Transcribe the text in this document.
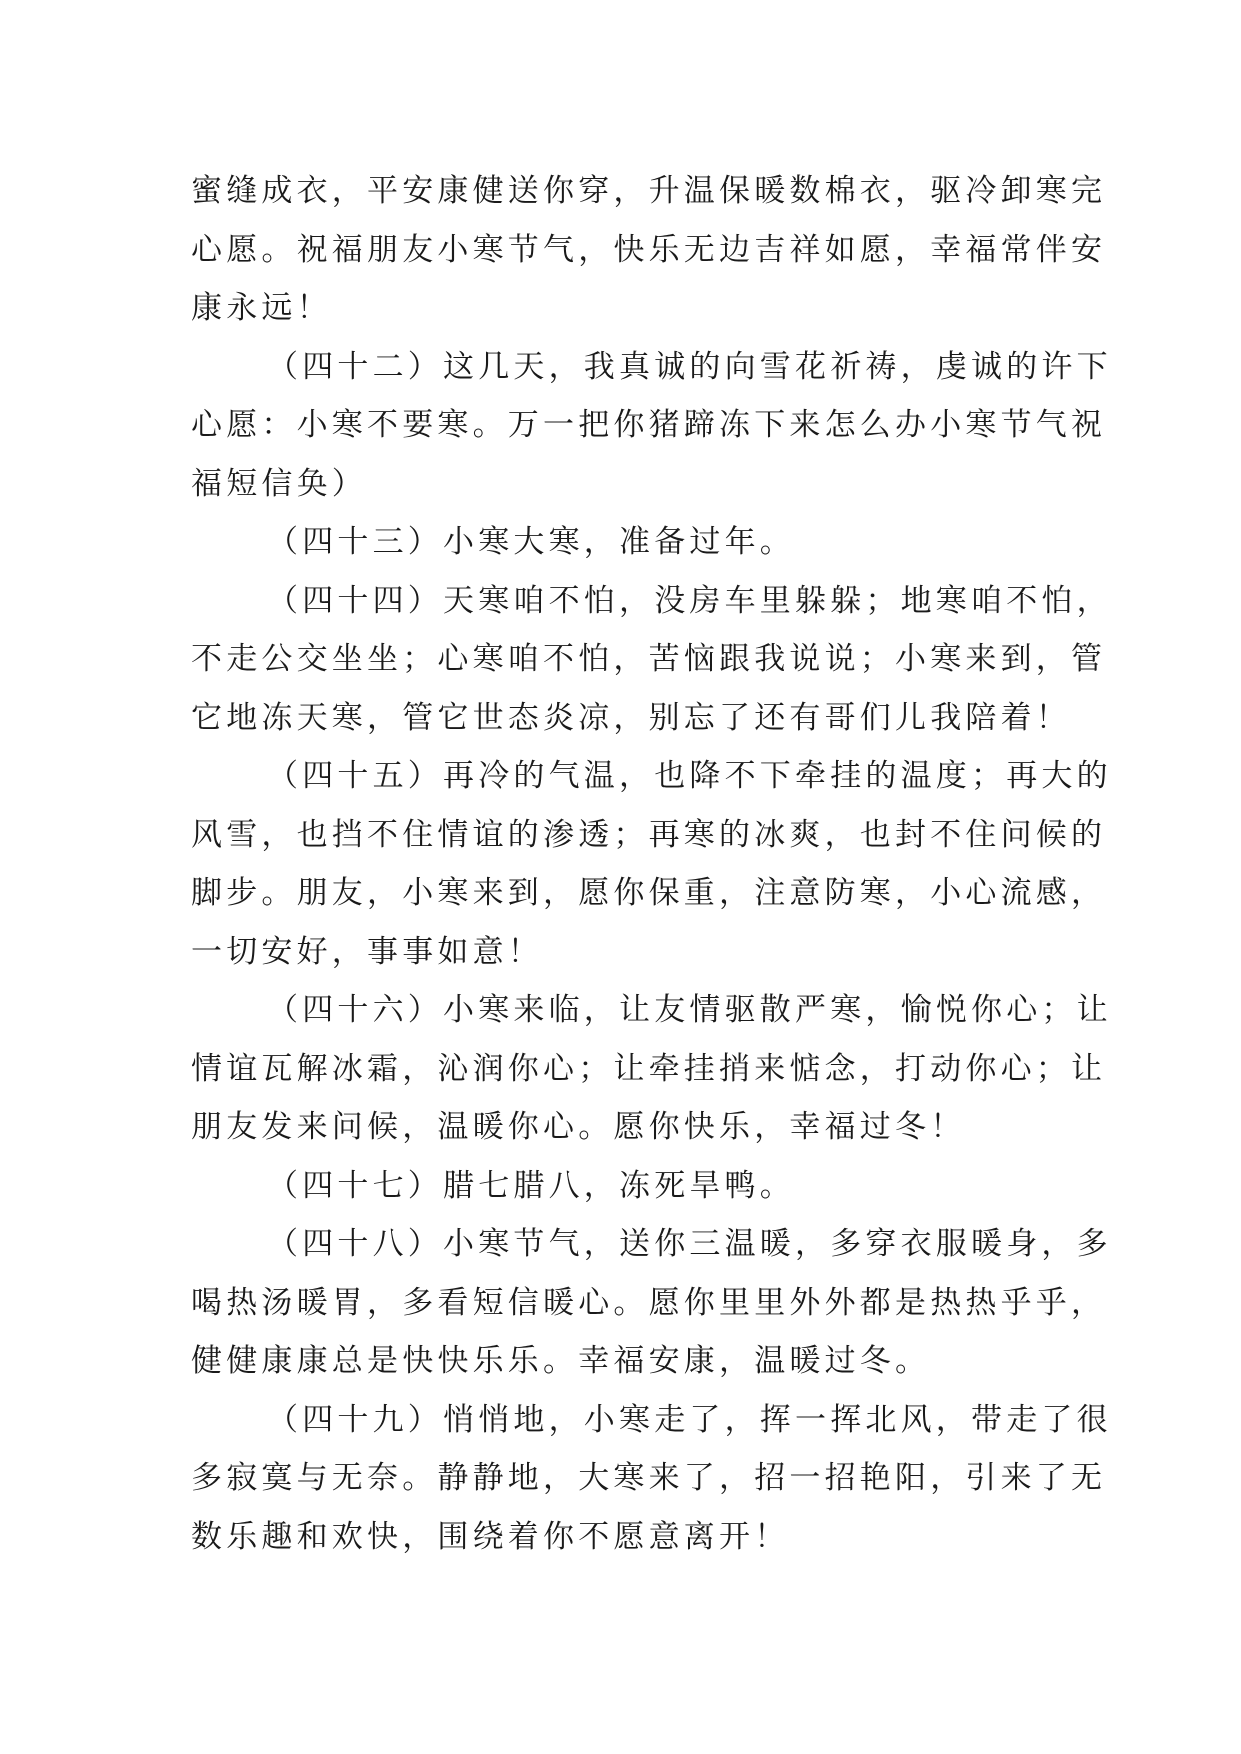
蜜缝成衣，平安康健送你穿，升温保暖数棉衣，驱冷卸寒完
心愿。祝福朋友小寒节气，快乐无边吉祥如愿，幸福常伴安
康永远！

（四十二）这几天，我真诚的向雪花祈祷，虔诚的许下
心愿：小寒不要寒。万一把你猪蹄冻下来怎么办小寒节气祝
福短信奂）

（四十三）小寒大寒，准备过年。

（四十四）天寒咱不怕，没房车里躲躲；地寒咱不怕，
不走公交坐坐；心寒咱不怕，苦恼跟我说说；小寒来到，管
它地冻天寒，管它世态炎凉，别忘了还有哥们儿我陪着！

（四十五）再冷的气温，也降不下牵挂的温度；再大的
风雪，也挡不住情谊的渗透；再寒的冰爽，也封不住问候的
脚步。朋友，小寒来到，愿你保重，注意防寒，小心流感，
一切安好，事事如意！

（四十六）小寒来临，让友情驱散严寒，愉悦你心；让
情谊瓦解冰霜，沁润你心；让牵挂捎来惦念，打动你心；让
朋友发来问候，温暖你心。愿你快乐，幸福过冬！

（四十七）腊七腊八，冻死旱鸭。

（四十八）小寒节气，送你三温暖，多穿衣服暖身，多
喝热汤暖胃，多看短信暖心。愿你里里外外都是热热乎乎，
健健康康总是快快乐乐。幸福安康，温暖过冬。

（四十九）悄悄地，小寒走了，挥一挥北风，带走了很
多寂寞与无奈。静静地，大寒来了，招一招艳阳，引来了无
数乐趣和欢快，围绕着你不愿意离开！
